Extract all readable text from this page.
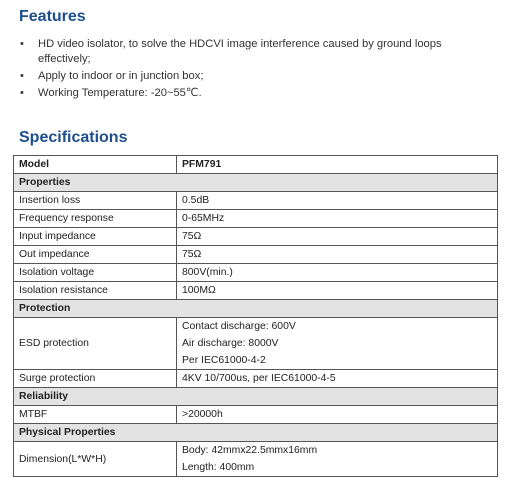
Features
• HD video isolator, to solve the HDCVI image interference caused by ground loops effectively;
• Apply to indoor or in junction box;
• Working Temperature: -20~55℃.
Specifications
Model	PFM791
Properties	
Insertion loss	0.5dB
Frequency response	0-65MHz
Input impedance	75Ω
Out impedance	75Ω
Isolation voltage	800V(min.)
Isolation resistance	100MΩ
Protection	
ESD protection	Contact discharge: 600V
Air discharge: 8000V
Per IEC61000-4-2

Surge protection	4KV 10/700us, per IEC61000-4-5
Reliability	
MTBF	>20000h
Physical Properties	
Dimension(L*W*H)	Body: 42mmx22.5mmx16mm
Length: 400mm
